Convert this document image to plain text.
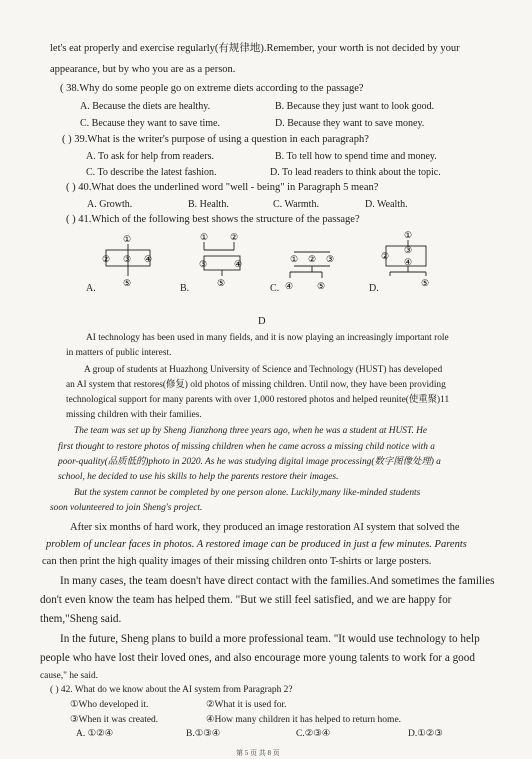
let's eat properly and exercise regularly(有规律地).Remember, your worth is not decided by your
appearance, but by who you are as a person.
( 38.Why do some people go on extreme diets according to the passage?
A. Because the diets are healthy.	B. Because they just want to look good.
C. Because they want to save time.	D. Because they want to save money.
( ) 39.What is the writer's purpose of using a question in each paragraph?
A. To ask for help from readers.	B. To tell how to spend time and money.
C. To describe the latest fashion.	D. To lead readers to think about the topic.
( ) 40.What does the underlined word "well - being" in Paragraph 5 mean?
A. Growth.	B. Health.	C. Warmth.	D. Wealth.
( ) 41.Which of the following best shows the structure of the passage?
①
② ③ ④
⑤
A.
① ②
③	④
⑤
B.
① ② ③
④	⑤
C.
①
②
③
④
⑤
D.
D
AI technology has been used in many fields, and it is now playing an increasingly important role
in matters of public interest.
A group of students at Huazhong University of Science and Technology (HUST) has developed
an AI system that restores(修复) old photos of missing children. Until now, they have been providing
technological support for many parents with over 1,000 restored photos and helped reunite(使重聚)11
missing children with their families.
The team was set up by Sheng Jianzhong three years ago, when he was a student at HUST. He
first thought to restore photos of missing children when he came across a missing child notice with a
poor-quality(品质低的)photo in 2020. As he was studying digital image processing(数字图像处理) a
school, he decided to use his skills to help the parents restore their images.
But the system cannot be completed by one person alone. Luckily,many like-minded students
soon volunteered to join Sheng's project.
After six months of hard work, they produced an image restoration AI system that solved the
problem of unclear faces in photos. A restored image can be produced in just a few minutes. Parents
can then print the high quality images of their missing children onto T-shirts or large posters.
In many cases, the team doesn't have direct contact with the families.And sometimes the families
don't even know the team has helped them. "But we still feel satisfied, and we are happy for
them,"Sheng said.
In the future, Sheng plans to build a more professional team. "It would use technology to help
people who have lost their loved ones, and also encourage more young talents to work for a good
cause," he said.
( ) 42. What do we know about the AI system from Paragraph 2?
①Who developed it.	②What it is used for.
③When it was created.	④How many children it has helped to return home.
A. ①②④	B.①③④	C.②③④	D.①②③
第 5 页 共 8 页
